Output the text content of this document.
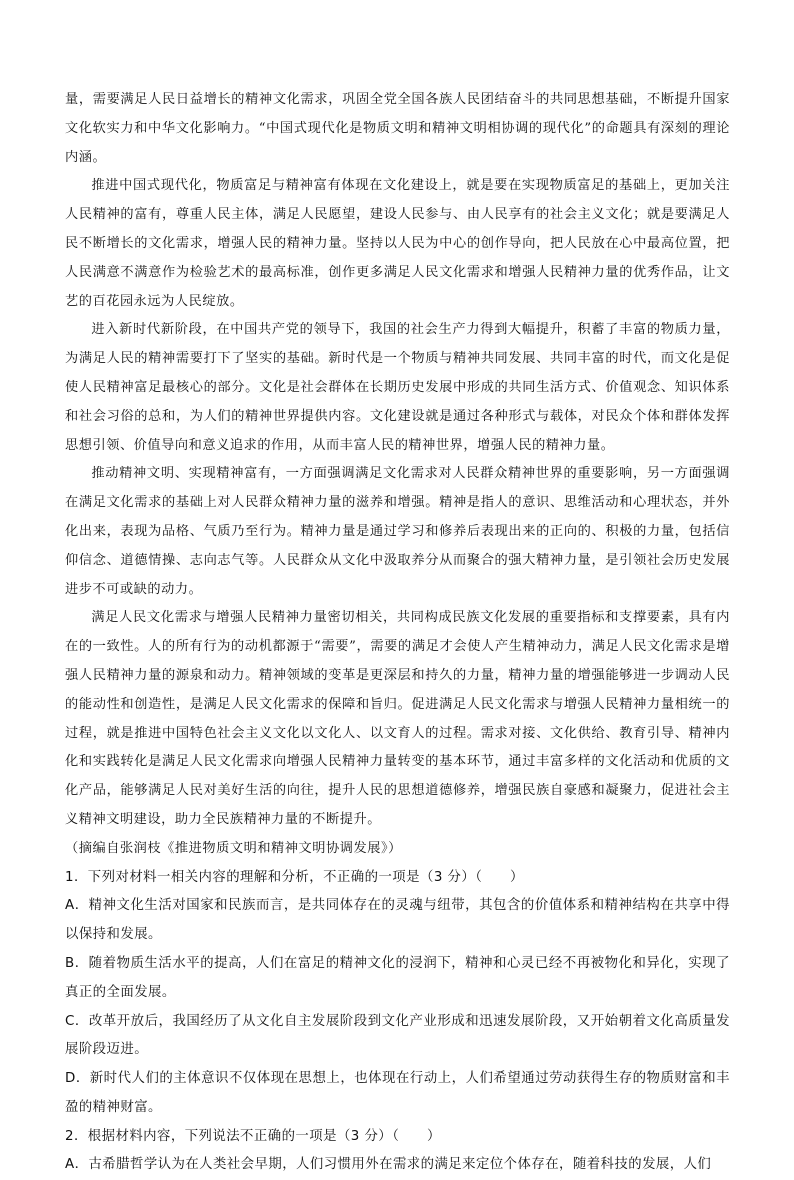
量，需要满足人民日益增长的精神文化需求，巩固全党全国各族人民团结奋斗的共同思想基础，不断提升国家文化软实力和中华文化影响力。“中国式现代化是物质文明和精神文明相协调的现代化”的命题具有深刻的理论内涵。

推进中国式现代化，物质富足与精神富有体现在文化建设上，就是要在实现物质富足的基础上，更加关注人民精神的富有，尊重人民主体，满足人民愿望，建设人民参与、由人民享有的社会主义文化；就是要满足人民不断增长的文化需求，增强人民的精神力量。坚持以人民为中心的创作导向，把人民放在心中最高位置，把人民满意不满意作为检验艺术的最高标准，创作更多满足人民文化需求和增强人民精神力量的优秀作品，让文艺的百花园永远为人民绽放。

进入新时代新阶段，在中国共产党的领导下，我国的社会生产力得到大幅提升，积蓄了丰富的物质力量，为满足人民的精神需要打下了坚实的基础。新时代是一个物质与精神共同发展、共同丰富的时代，而文化是促使人民精神富足最核心的部分。文化是社会群体在长期历史发展中形成的共同生活方式、价值观念、知识体系和社会习俗的总和，为人们的精神世界提供内容。文化建设就是通过各种形式与载体，对民众个体和群体发挥思想引领、价值导向和意义追求的作用，从而丰富人民的精神世界，增强人民的精神力量。

推动精神文明、实现精神富有，一方面强调满足文化需求对人民群众精神世界的重要影响，另一方面强调在满足文化需求的基础上对人民群众精神力量的滋养和增强。精神是指人的意识、思维活动和心理状态，并外化出来，表现为品格、气质乃至行为。精神力量是通过学习和修养后表现出来的正向的、积极的力量，包括信仰信念、道德情操、志向志气等。人民群众从文化中汲取养分从而聚合的强大精神力量，是引领社会历史发展进步不可或缺的动力。

满足人民文化需求与增强人民精神力量密切相关，共同构成民族文化发展的重要指标和支撑要素，具有内在的一致性。人的所有行为的动机都源于“需要”，需要的满足才会使人产生精神动力，满足人民文化需求是增强人民精神力量的源泉和动力。精神领域的变革是更深层和持久的力量，精神力量的增强能够进一步调动人民的能动性和创造性，是满足人民文化需求的保障和旨归。促进满足人民文化需求与增强人民精神力量相统一的过程，就是推进中国特色社会主义文化以文化人、以文育人的过程。需求对接、文化供给、教育引导、精神内化和实践转化是满足人民文化需求向增强人民精神力量转变的基本环节，通过丰富多样的文化活动和优质的文化产品，能够满足人民对美好生活的向往，提升人民的思想道德修养，增强民族自豪感和凝聚力，促进社会主义精神文明建设，助力全民族精神力量的不断提升。

（摘编自张润枝《推进物质文明和精神文明协调发展》）

1．下列对材料一相关内容的理解和分析，不正确的一项是（3 分）（　　）

A．精神文化生活对国家和民族而言，是共同体存在的灵魂与纽带，其包含的价值体系和精神结构在共享中得以保持和发展。

B．随着物质生活水平的提高，人们在富足的精神文化的浸润下，精神和心灵已经不再被物化和异化，实现了真正的全面发展。

C．改革开放后，我国经历了从文化自主发展阶段到文化产业形成和迅速发展阶段，又开始朝着文化高质量发展阶段迈进。

D．新时代人们的主体意识不仅体现在思想上，也体现在行动上，人们希望通过劳动获得生存的物质财富和丰盈的精神财富。

2．根据材料内容，下列说法不正确的一项是（3 分）（　　）

A．古希腊哲学认为在人类社会早期，人们习惯用外在需求的满足来定位个体存在，随着科技的发展，人们
